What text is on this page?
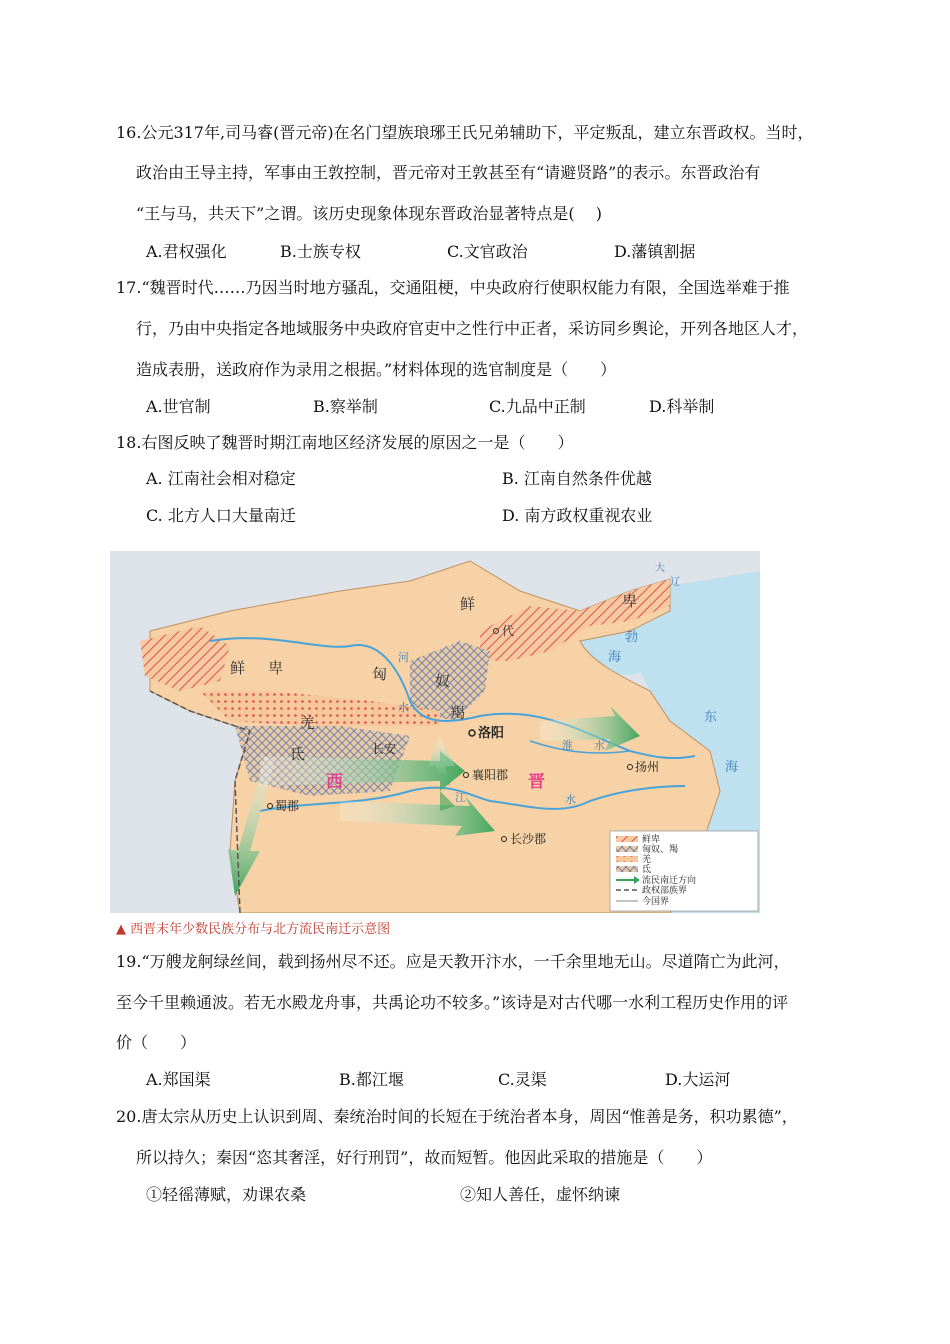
16.公元317年,司马睿(晋元帝)在名门望族琅琊王氏兄弟辅助下，平定叛乱，建立东晋政权。当时，
政治由王导主持，军事由王敦控制，晋元帝对王敦甚至有“请避贤路”的表示。东晋政治有
“王与马，共天下”之谓。该历史现象体现东晋政治显著特点是(　 )
A.君权强化	B.士族专权	C.文官政治	D.藩镇割据
17.“魏晋时代……乃因当时地方骚乱，交通阻梗，中央政府行使职权能力有限，全国选举难于推
行，乃由中央指定各地域服务中央政府官吏中之性行中正者，采访同乡舆论，开列各地区人才，
造成表册，送政府作为录用之根据。”材料体现的选官制度是（　　）
A.世官制	B.察举制	C.九品中正制	D.科举制
18.右图反映了魏晋时期江南地区经济发展的原因之一是（　　）
A. 江南社会相对稳定	B. 江南自然条件优越
C. 北方人口大量南迁	D. 南方政权重视农业
鲜	卑
鲜 卑	匈	奴
羯
羌
氐
代
洛阳
长安
襄阳郡
蜀郡
长沙郡
扬州
西	晋
勃
海
东
海
河
水
淮 水
江	水
大
辽
鲜卑
匈奴、羯
羌
氐
流民南迁方向
政权部族界
今国界
▲ 西晋末年少数民族分布与北方流民南迁示意图
19.“万艘龙舸绿丝间，载到扬州尽不还。应是天教开汴水，一千余里地无山。尽道隋亡为此河，
至今千里赖通波。若无水殿龙舟事，共禹论功不较多。”该诗是对古代哪一水利工程历史作用的评
价（　　）
A.郑国渠	B.都江堰	C.灵渠	D.大运河
20.唐太宗从历史上认识到周、秦统治时间的长短在于统治者本身，周因“惟善是务，积功累德”，
所以持久；秦因“恣其奢淫，好行刑罚”，故而短暂。他因此采取的措施是（　　）
①轻徭薄赋，劝课农桑	②知人善任，虚怀纳谏
